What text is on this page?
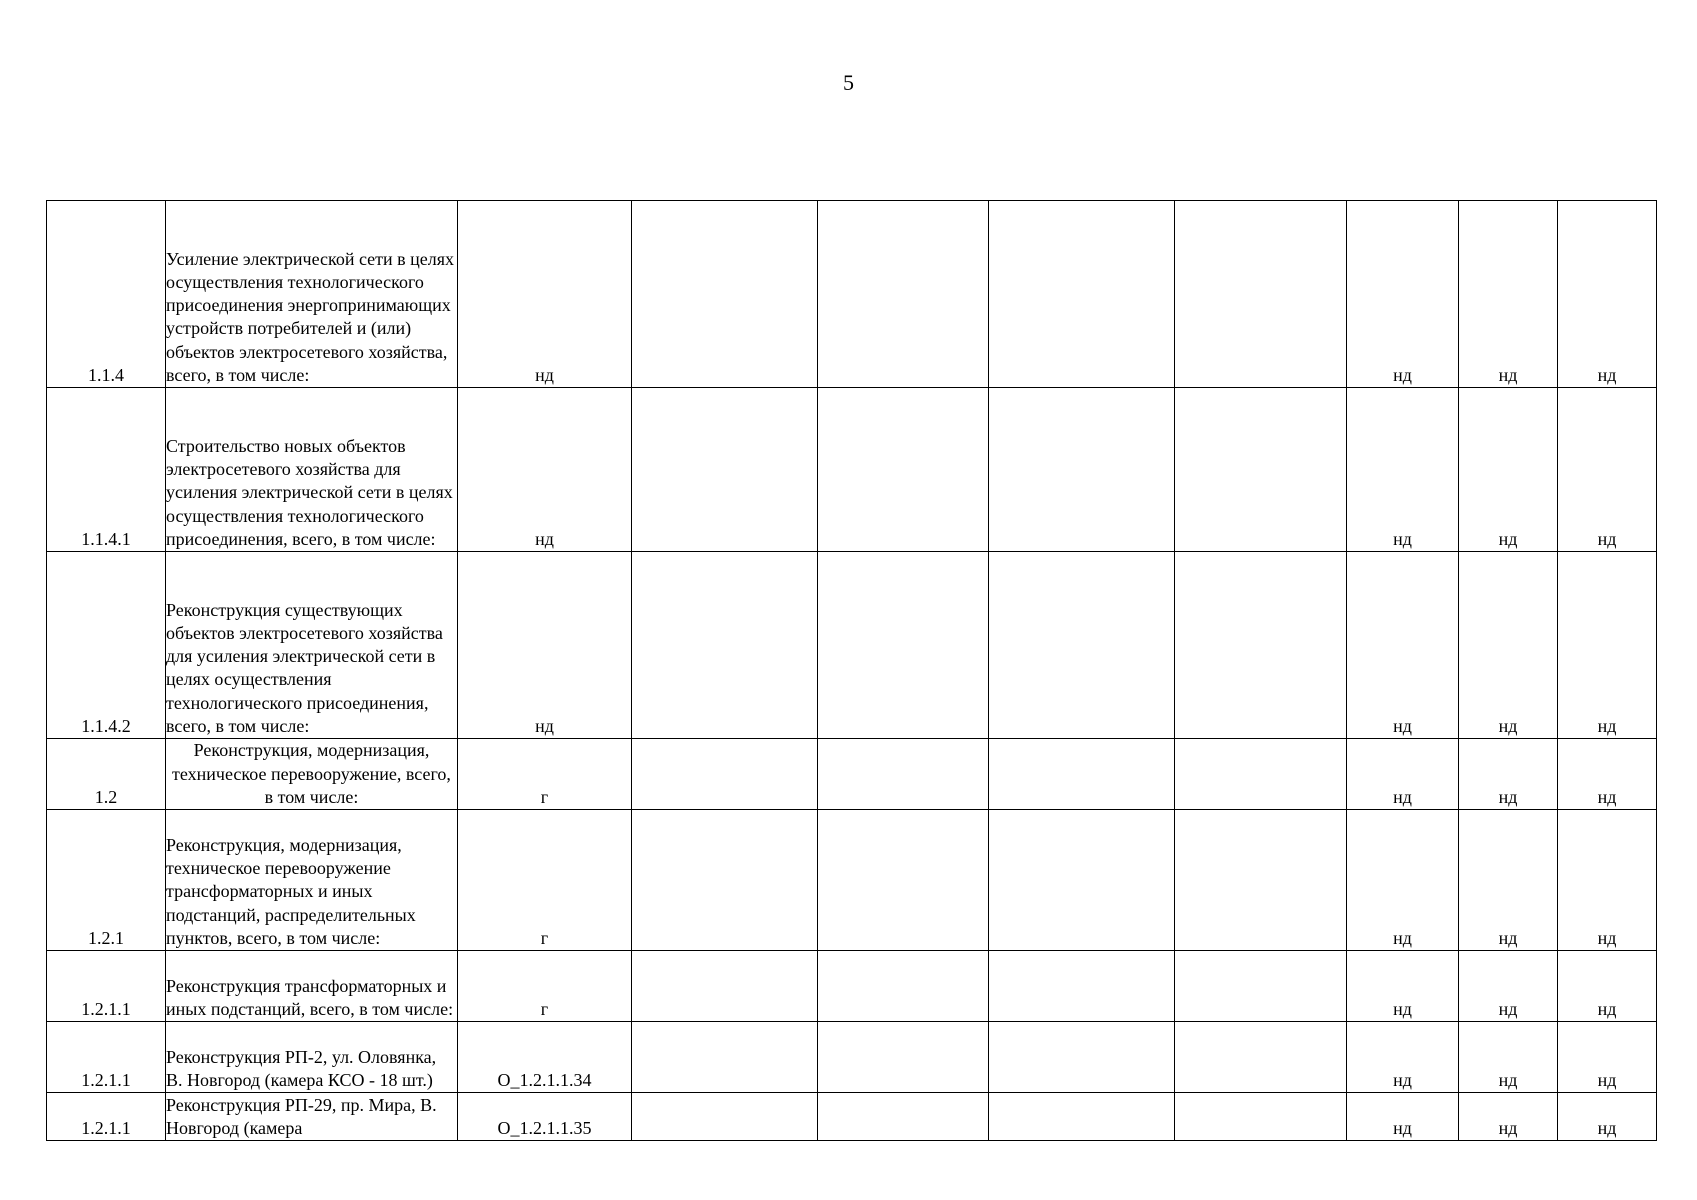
5
1.1.4	Усиление электрической сети в целях осуществления технологического присоединения энергопринимающих устройств потребителей и (или) объектов электросетевого хозяйства, всего, в том числе:	нд					нд	нд	нд
1.1.4.1	Строительство новых объектов электросетевого хозяйства для усиления электрической сети в целях осуществления технологического присоединения, всего, в том числе:	нд					нд	нд	нд
1.1.4.2	Реконструкция существующих объектов электросетевого хозяйства для усиления электрической сети в целях осуществления технологического присоединения, всего, в том числе:	нд					нд	нд	нд
1.2	Реконструкция, модернизация, техническое перевооружение, всего, в том числе:	г					нд	нд	нд
1.2.1	Реконструкция, модернизация, техническое перевооружение трансформаторных и иных подстанций, распределительных пунктов, всего, в том числе:	г					нд	нд	нд
1.2.1.1	Реконструкция трансформаторных и иных подстанций, всего, в том числе:	г					нд	нд	нд
1.2.1.1	Реконструкция РП-2, ул. Оловянка, В. Новгород (камера КСО - 18 шт.)	О_1.2.1.1.34					нд	нд	нд
1.2.1.1	Реконструкция РП-29, пр. Мира, В. Новгород (камера	О_1.2.1.1.35					нд	нд	нд
